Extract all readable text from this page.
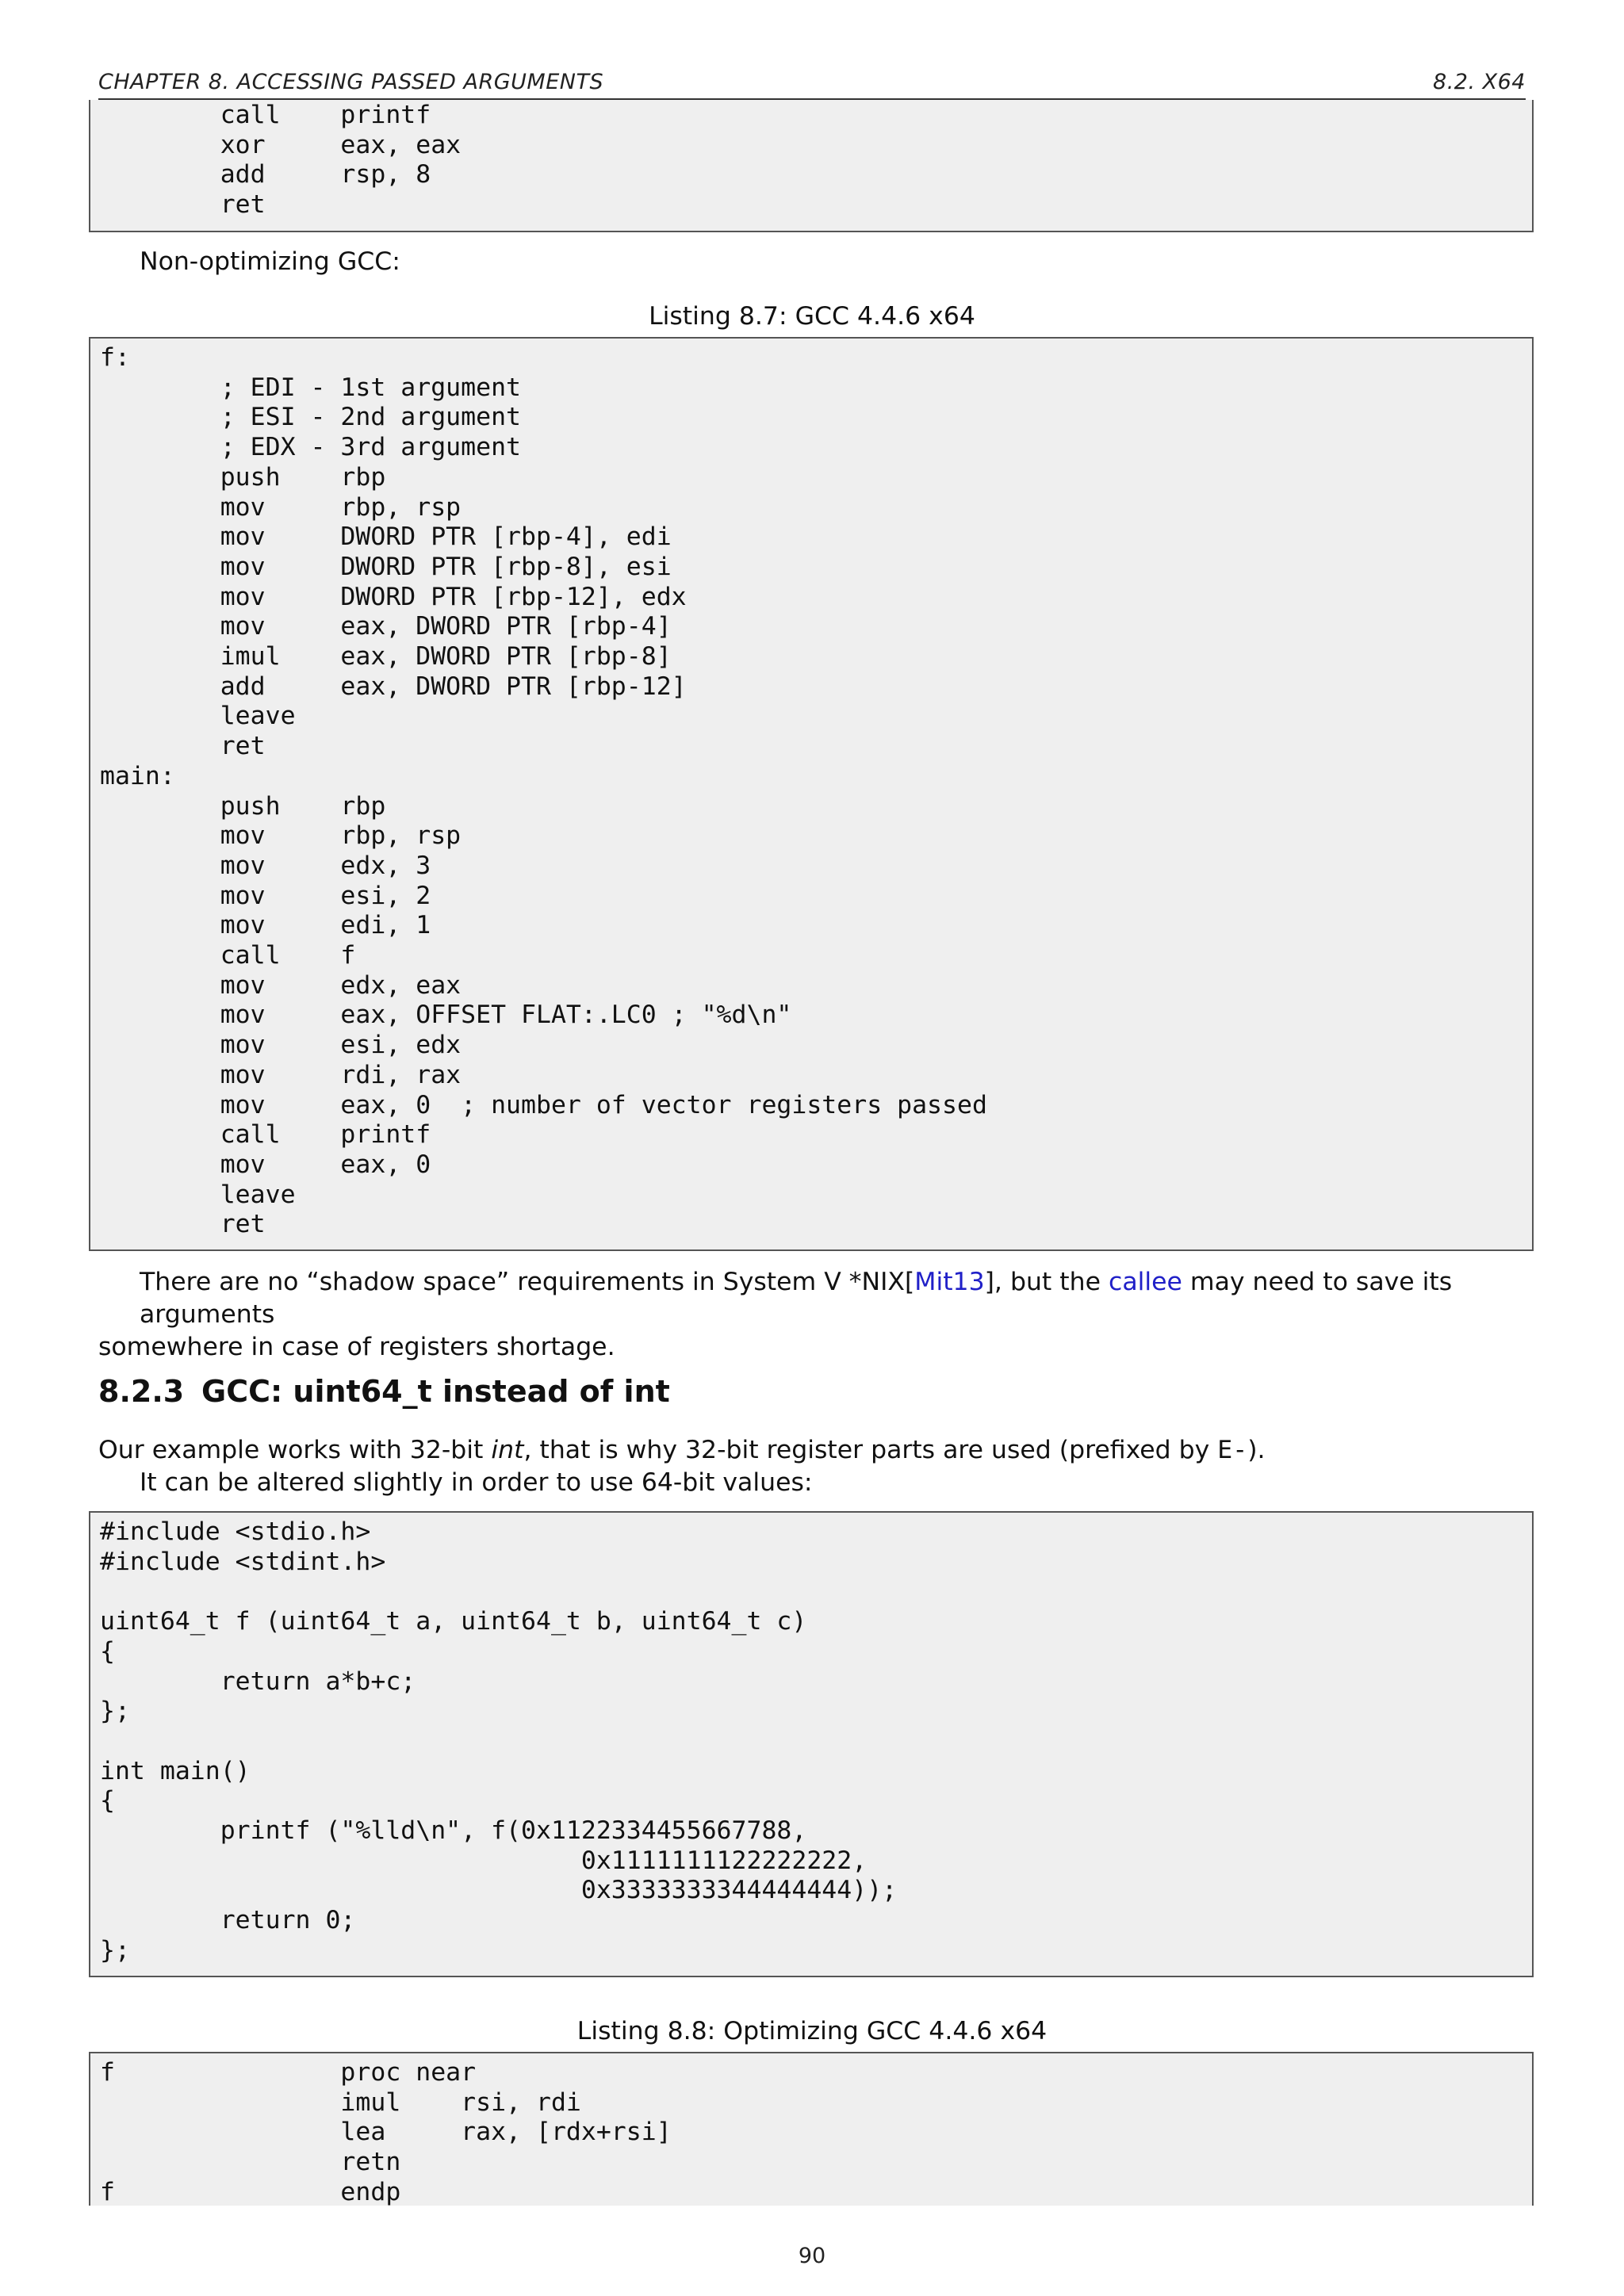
CHAPTER 8. ACCESSING PASSED ARGUMENTS	8.2. X64
call    printf
xor     eax, eax
add     rsp, 8
ret
Non-optimizing GCC:
Listing 8.7: GCC 4.4.6 x64
f:
; EDI - 1st argument
; ESI - 2nd argument
; EDX - 3rd argument
push    rbp
mov     rbp, rsp
mov     DWORD PTR [rbp-4], edi
mov     DWORD PTR [rbp-8], esi
mov     DWORD PTR [rbp-12], edx
mov     eax, DWORD PTR [rbp-4]
imul    eax, DWORD PTR [rbp-8]
add     eax, DWORD PTR [rbp-12]
leave
ret
main:
push    rbp
mov     rbp, rsp
mov     edx, 3
mov     esi, 2
mov     edi, 1
call    f
mov     edx, eax
mov     eax, OFFSET FLAT:.LC0 ; "%d\n"
mov     esi, edx
mov     rdi, rax
mov     eax, 0  ; number of vector registers passed
call    printf
mov     eax, 0
leave
ret
There are no “shadow space” requirements in System V *NIX[Mit13], but the callee may need to save its arguments
somewhere in case of registers shortage.
8.2.3 GCC: uint64_t instead of int
Our example works with 32-bit int, that is why 32-bit register parts are used (prefixed by E-).
It can be altered slightly in order to use 64-bit values:
#include <stdio.h>
#include <stdint.h>

uint64_t f (uint64_t a, uint64_t b, uint64_t c)
{
return a*b+c;
};

int main()
{
printf ("%lld\n", f(0x1122334455667788,
0x1111111122222222,
0x3333333344444444));
return 0;
};
Listing 8.8: Optimizing GCC 4.4.6 x64
f               proc near
imul    rsi, rdi
lea     rax, [rdx+rsi]
retn
f               endp
90
